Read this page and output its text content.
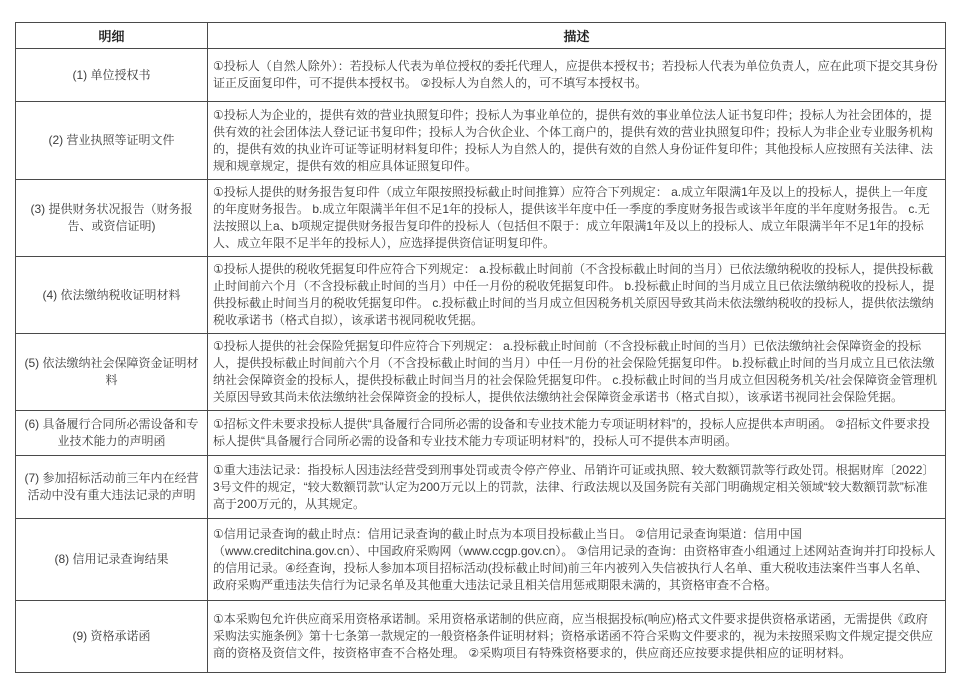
明细	描述
(1) 单位授权书	①投标人（自然人除外）：若投标人代表为单位授权的委托代理人，应提供本授权书；若投标人代表为单位负责人，应在此项下提交其身份证正反面复印件，可不提供本授权书。 ②投标人为自然人的，可不填写本授权书。
(2) 营业执照等证明文件	①投标人为企业的，提供有效的营业执照复印件；投标人为事业单位的，提供有效的事业单位法人证书复印件；投标人为社会团体的，提供有效的社会团体法人登记证书复印件；投标人为合伙企业、个体工商户的，提供有效的营业执照复印件；投标人为非企业专业服务机构的，提供有效的执业许可证等证明材料复印件；投标人为自然人的，提供有效的自然人身份证件复印件；其他投标人应按照有关法律、法规和规章规定，提供有效的相应具体证照复印件。
(3) 提供财务状况报告（财务报告、或资信证明)	①投标人提供的财务报告复印件（成立年限按照投标截止时间推算）应符合下列规定： a.成立年限满1年及以上的投标人，提供上一年度的年度财务报告。 b.成立年限满半年但不足1年的投标人，提供该半年度中任一季度的季度财务报告或该半年度的半年度财务报告。 c.无法按照以上a、b项规定提供财务报告复印件的投标人（包括但不限于：成立年限满1年及以上的投标人、成立年限满半年不足1年的投标人、成立年限不足半年的投标人），应选择提供资信证明复印件。
(4) 依法缴纳税收证明材料	①投标人提供的税收凭据复印件应符合下列规定： a.投标截止时间前（不含投标截止时间的当月）已依法缴纳税收的投标人，提供投标截止时间前六个月（不含投标截止时间的当月）中任一月份的税收凭据复印件。 b.投标截止时间的当月成立且已依法缴纳税收的投标人，提供投标截止时间当月的税收凭据复印件。 c.投标截止时间的当月成立但因税务机关原因导致其尚未依法缴纳税收的投标人，提供依法缴纳税收承诺书（格式自拟），该承诺书视同税收凭据。
(5) 依法缴纳社会保障资金证明材料	①投标人提供的社会保险凭据复印件应符合下列规定： a.投标截止时间前（不含投标截止时间的当月）已依法缴纳社会保障资金的投标人，提供投标截止时间前六个月（不含投标截止时间的当月）中任一月份的社会保险凭据复印件。 b.投标截止时间的当月成立且已依法缴纳社会保障资金的投标人，提供投标截止时间当月的社会保险凭据复印件。 c.投标截止时间的当月成立但因税务机关/社会保障资金管理机关原因导致其尚未依法缴纳社会保障资金的投标人，提供依法缴纳社会保障资金承诺书（格式自拟），该承诺书视同社会保险凭据。
(6) 具备履行合同所必需设备和专业技术能力的声明函	①招标文件未要求投标人提供“具备履行合同所必需的设备和专业技术能力专项证明材料”的，投标人应提供本声明函。 ②招标文件要求投标人提供“具备履行合同所必需的设备和专业技术能力专项证明材料”的，投标人可不提供本声明函。
(7) 参加招标活动前三年内在经营活动中没有重大违法记录的声明	①重大违法记录：指投标人因违法经营受到刑事处罚或责令停产停业、吊销许可证或执照、较大数额罚款等行政处罚。根据财库〔2022〕3号文件的规定，“较大数额罚款”认定为200万元以上的罚款，法律、行政法规以及国务院有关部门明确规定相关领域“较大数额罚款”标准高于200万元的，从其规定。
(8) 信用记录查询结果	①信用记录查询的截止时点：信用记录查询的截止时点为本项目投标截止当日。 ②信用记录查询渠道：信用中国（www.creditchina.gov.cn）、中国政府采购网（www.ccgp.gov.cn）。 ③信用记录的查询：由资格审查小组通过上述网站查询并打印投标人的信用记录。④经查询，投标人参加本项目招标活动(投标截止时间)前三年内被列入失信被执行人名单、重大税收违法案件当事人名单、政府采购严重违法失信行为记录名单及其他重大违法记录且相关信用惩戒期限未满的，其资格审查不合格。
(9) 资格承诺函	①本采购包允许供应商采用资格承诺制。采用资格承诺制的供应商，应当根据投标(响应)格式文件要求提供资格承诺函，无需提供《政府采购法实施条例》第十七条第一款规定的一般资格条件证明材料；资格承诺函不符合采购文件要求的，视为未按照采购文件规定提交供应商的资格及资信文件，按资格审查不合格处理。 ②采购项目有特殊资格要求的，供应商还应按要求提供相应的证明材料。
